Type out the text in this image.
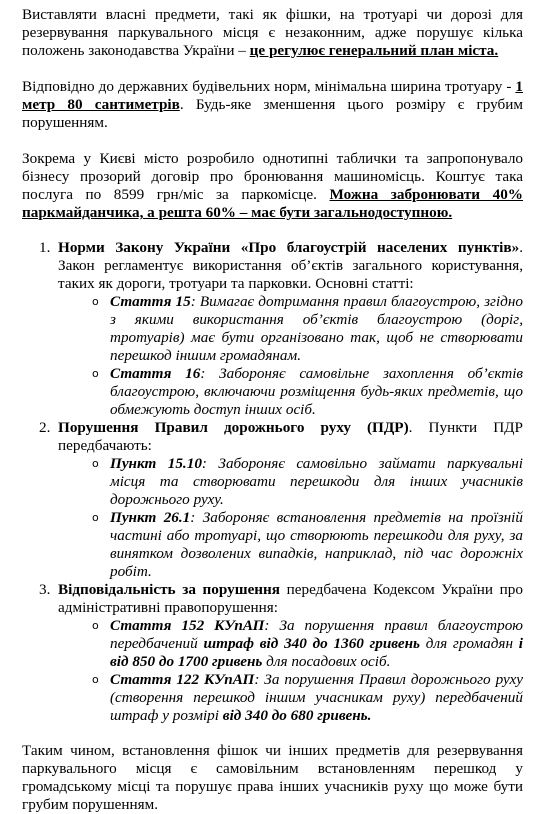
Виставляти власні предмети, такі як фішки, на тротуарі чи дорозі для резервування паркувального місця є незаконним, адже порушує кілька положень законодавства України – це регулює генеральний план міста.

Відповідно до державних будівельних норм, мінімальна ширина тротуару - 1 метр 80 сантиметрів. Будь-яке зменшення цього розміру є грубим порушенням.

Зокрема у Києві місто розробило однотипні таблички та запропонувало бізнесу прозорий договір про бронювання машиномісць. Коштує така послуга по 8599 грн/міс за паркомісце. Можна забронювати 40% паркмайданчика, а решта 60% – має бути загальнодоступною.

1. Норми Закону України «Про благоустрій населених пунктів». Закон регламентує використання об’єктів загального користування, таких як дороги, тротуари та парковки. Основні статті:
o Стаття 15: Вимагає дотримання правил благоустрою, згідно з якими використання об’єктів благоустрою (доріг, тротуарів) має бути організовано так, щоб не створювати перешкод іншим громадянам.
o Стаття 16: Забороняє самовільне захоплення об’єктів благоустрою, включаючи розміщення будь-яких предметів, що обмежують доступ інших осіб.
2. Порушення Правил дорожнього руху (ПДР). Пункти ПДР передбачають:
o Пункт 15.10: Забороняє самовільно займати паркувальні місця та створювати перешкоди для інших учасників дорожнього руху.
o Пункт 26.1: Забороняє встановлення предметів на проїзній частині або тротуарі, що створюють перешкоди для руху, за винятком дозволених випадків, наприклад, під час дорожніх робіт.
3. Відповідальність за порушення передбачена Кодексом України про адміністративні правопорушення:
o Стаття 152 КУпАП: За порушення правил благоустрою передбачений штраф від 340 до 1360 гривень для громадян і від 850 до 1700 гривень для посадових осіб.
o Стаття 122 КУпАП: За порушення Правил дорожнього руху (створення перешкод іншим учасникам руху) передбачений штраф у розмірі від 340 до 680 гривень.

Таким чином, встановлення фішок чи інших предметів для резервування паркувального місця є самовільним встановленням перешкод у громадському місці та порушує права інших учасників руху що може бути грубим порушенням.
